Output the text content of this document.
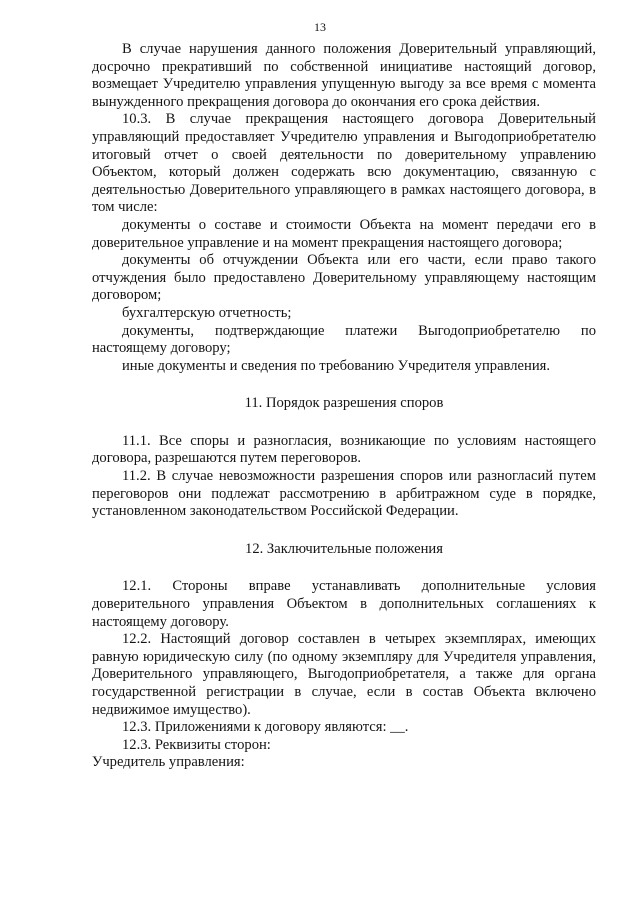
13

В случае нарушения данного положения Доверительный управляющий, досрочно прекративший по собственной инициативе настоящий договор, возмещает Учредителю управления упущенную выгоду за все время с момента вынужденного прекращения договора до окончания его срока действия.

10.3. В случае прекращения настоящего договора Доверительный управляющий предоставляет Учредителю управления и Выгодоприобретателю итоговый отчет о своей деятельности по доверительному управлению Объектом, который должен содержать всю документацию, связанную с деятельностью Доверительного управляющего в рамках настоящего договора, в том числе:

документы о составе и стоимости Объекта на момент передачи его в доверительное управление и на момент прекращения настоящего договора;

документы об отчуждении Объекта или его части, если право такого отчуждения было предоставлено Доверительному управляющему настоящим договором;

бухгалтерскую отчетность;

документы, подтверждающие платежи Выгодоприобретателю по настоящему договору;

иные документы и сведения по требованию Учредителя управления.

11. Порядок разрешения споров

11.1. Все споры и разногласия, возникающие по условиям настоящего договора, разрешаются путем переговоров.

11.2. В случае невозможности разрешения споров или разногласий путем переговоров они подлежат рассмотрению в арбитражном суде в порядке, установленном законодательством Российской Федерации.

12. Заключительные положения

12.1. Стороны вправе устанавливать дополнительные условия доверительного управления Объектом в дополнительных соглашениях к настоящему договору.

12.2. Настоящий договор составлен в четырех экземплярах, имеющих равную юридическую силу (по одному экземпляру для Учредителя управления, Доверительного управляющего, Выгодоприобретателя, а также для органа государственной регистрации в случае, если в состав Объекта включено недвижимое имущество).

12.3. Приложениями к договору являются: __.

12.3. Реквизиты сторон:

Учредитель управления:
